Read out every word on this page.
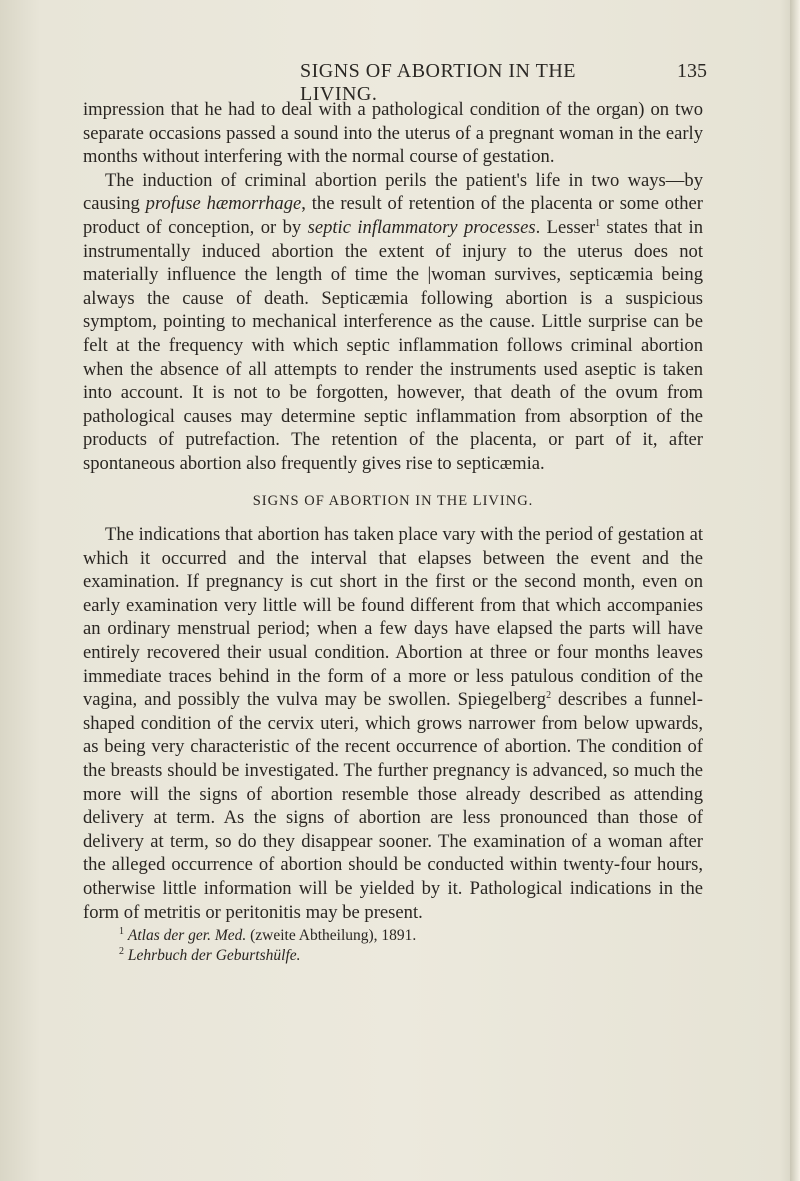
SIGNS OF ABORTION IN THE LIVING.
135

impression that he had to deal with a pathological condition of the organ) on two separate occasions passed a sound into the uterus of a pregnant woman in the early months without interfering with the normal course of gestation.

The induction of criminal abortion perils the patient's life in two ways—by causing profuse hæmorrhage, the result of retention of the placenta or some other product of conception, or by septic inflammatory processes. Lesser$^1$ states that in instrumentally induced abortion the extent of injury to the uterus does not materially influence the length of time the |woman survives, septicæmia being always the cause of death. Septicæmia following abortion is a suspicious symptom, pointing to mechanical interference as the cause. Little surprise can be felt at the frequency with which septic inflammation follows criminal abortion when the absence of all attempts to render the instruments used aseptic is taken into account. It is not to be forgotten, however, that death of the ovum from pathological causes may determine septic inflammation from absorption of the products of putrefaction. The retention of the placenta, or part of it, after spontaneous abortion also frequently gives rise to septicæmia.

SIGNS OF ABORTION IN THE LIVING.

The indications that abortion has taken place vary with the period of gestation at which it occurred and the interval that elapses between the event and the examination. If pregnancy is cut short in the first or the second month, even on early examination very little will be found different from that which accompanies an ordinary menstrual period; when a few days have elapsed the parts will have entirely recovered their usual condition. Abortion at three or four months leaves immediate traces behind in the form of a more or less patulous condition of the vagina, and possibly the vulva may be swollen. Spiegelberg$^2$ describes a funnel-shaped condition of the cervix uteri, which grows narrower from below upwards, as being very characteristic of the recent occurrence of abortion. The condition of the breasts should be investigated. The further pregnancy is advanced, so much the more will the signs of abortion resemble those already described as attending delivery at term. As the signs of abortion are less pronounced than those of delivery at term, so do they disappear sooner. The examination of a woman after the alleged occurrence of abortion should be conducted within twenty-four hours, otherwise little information will be yielded by it. Pathological indications in the form of metritis or peritonitis may be present.

$^1$ Atlas der ger. Med. (zweite Abtheilung), 1891.
$^2$ Lehrbuch der Geburtshülfe.
